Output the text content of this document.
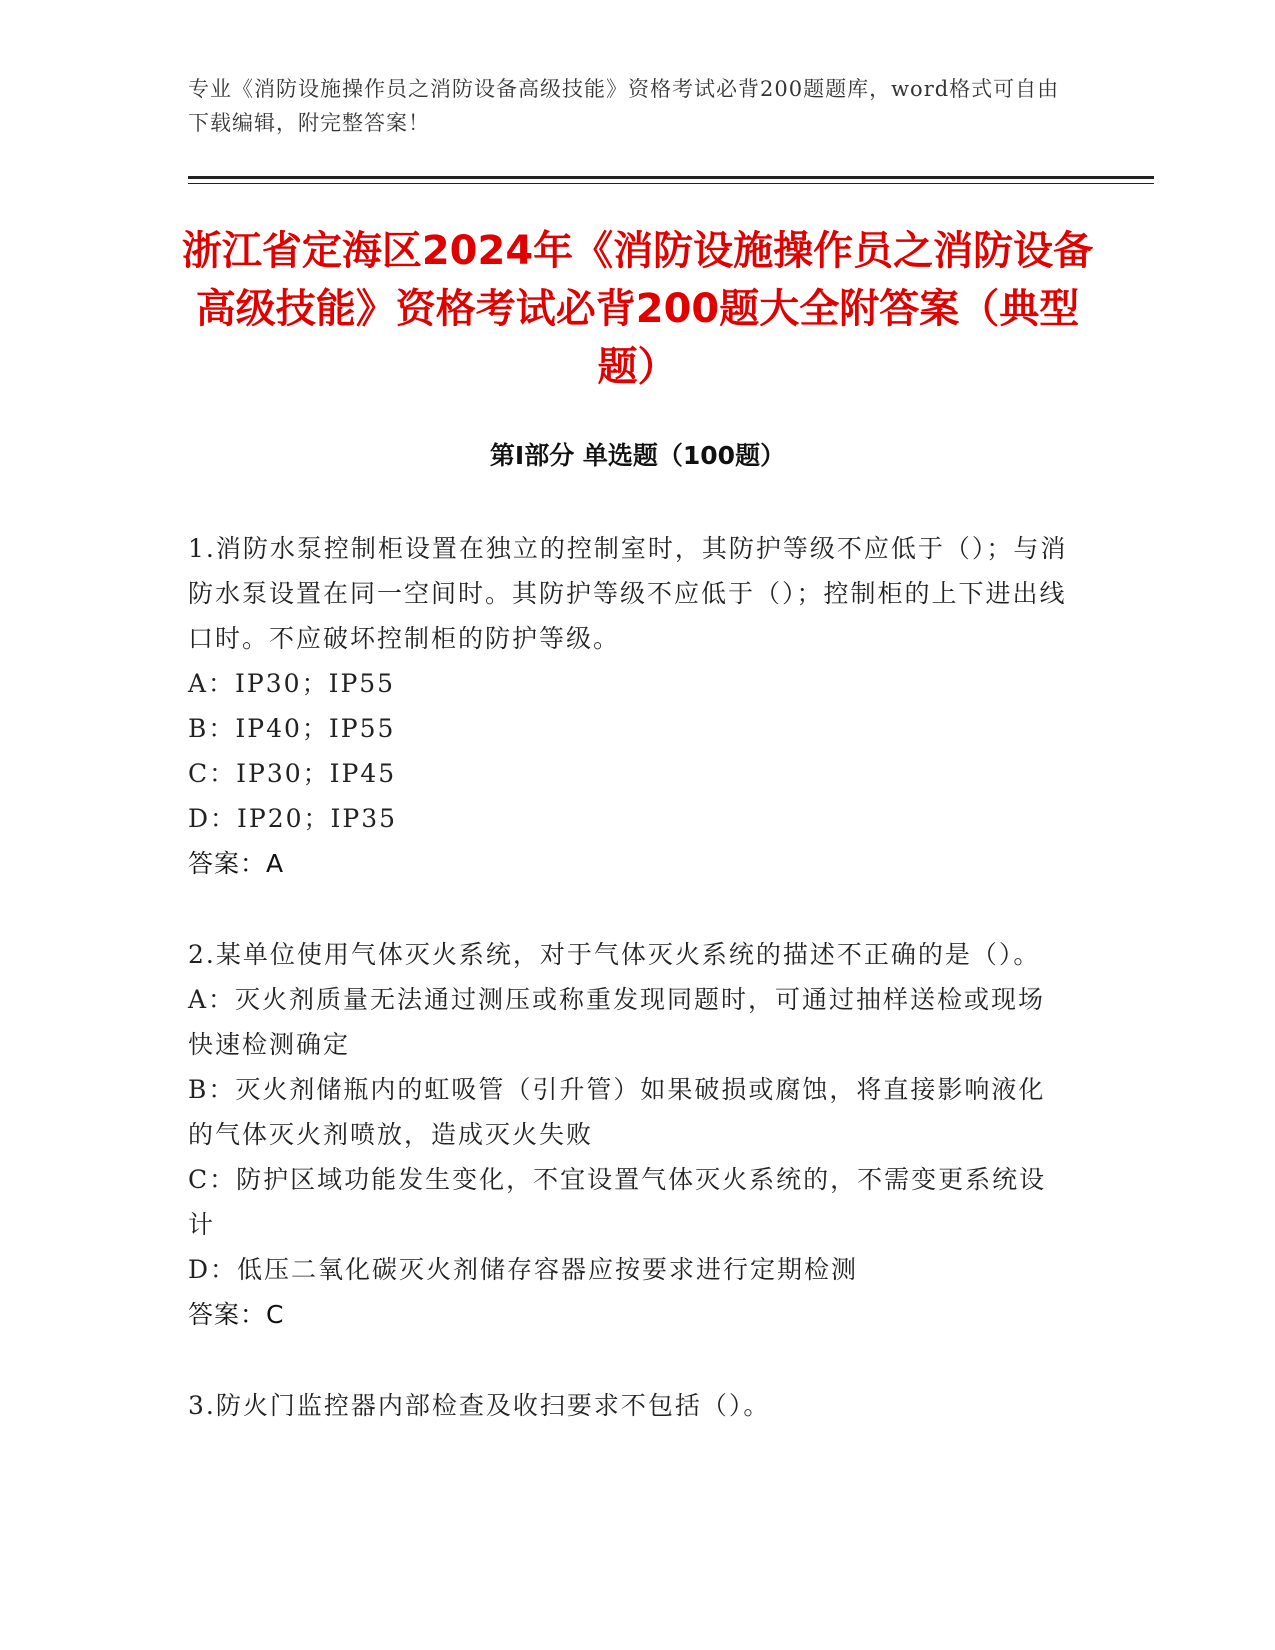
专业《消防设施操作员之消防设备高级技能》资格考试必背200题题库，word格式可自由下载编辑，附完整答案！
浙江省定海区2024年《消防设施操作员之消防设备高级技能》资格考试必背200题大全附答案（典型题）
第I部分 单选题（100题）

1.消防水泵控制柜设置在独立的控制室时，其防护等级不应低于（）；与消防水泵设置在同一空间时。其防护等级不应低于（）；控制柜的上下进出线口时。不应破坏控制柜的防护等级。

A：IP30；IP55

B：IP40；IP55

C：IP30；IP45

D：IP20；IP35

答案：A

2.某单位使用气体灭火系统，对于气体灭火系统的描述不正确的是（）。

A：灭火剂质量无法通过测压或称重发现同题时，可通过抽样送检或现场快速检测确定

B：灭火剂储瓶内的虹吸管（引升管）如果破损或腐蚀，将直接影响液化的气体灭火剂喷放，造成灭火失败

C：防护区域功能发生变化，不宜设置气体灭火系统的，不需变更系统设计

D：低压二氧化碳灭火剂储存容器应按要求进行定期检测

答案：C

3.防火门监控器内部检查及收扫要求不包括（）。
